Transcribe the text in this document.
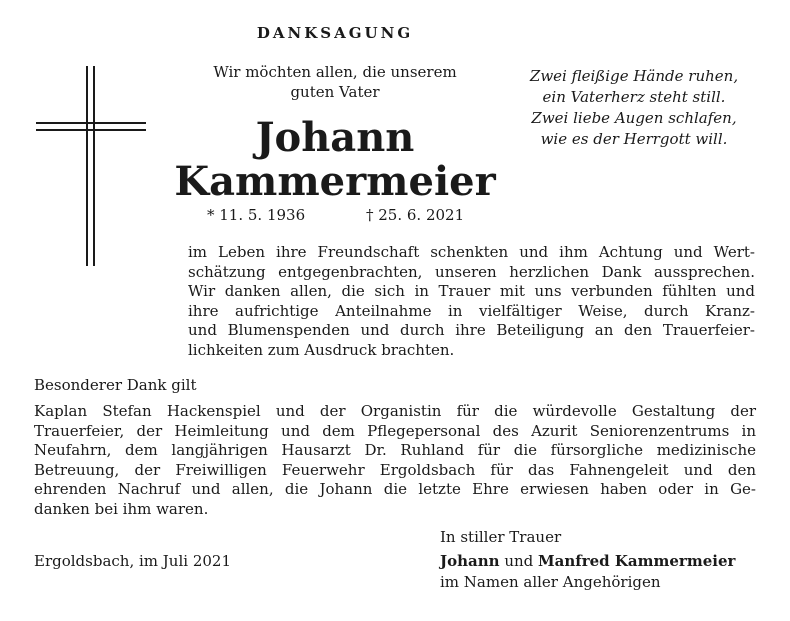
DANKSAGUNG
Wir möchten allen, die unserem
guten Vater
Zwei fleißige Hände ruhen,
ein Vaterherz steht still.
Zwei liebe Augen schlafen,
wie es der Herrgott will.
Johann
Kammermeier
* 11. 5. 1936	† 25. 6. 2021
im Leben ihre Freundschaft schenkten und ihm Achtung und Wert-
schätzung entgegenbrachten, unseren herzlichen Dank aussprechen.
Wir danken allen, die sich in Trauer mit uns verbunden fühlten und
ihre aufrichtige Anteilnahme in vielfältiger Weise, durch Kranz-
und Blumenspenden und durch ihre Beteiligung an den Trauerfeier-
lichkeiten zum Ausdruck brachten.
Besonderer Dank gilt
Kaplan Stefan Hackenspiel und der Organistin für die würdevolle Gestaltung der
Trauerfeier, der Heimleitung und dem Pflegepersonal des Azurit Seniorenzentrums in
Neufahrn, dem langjährigen Hausarzt Dr. Ruhland für die fürsorgliche medizinische
Betreuung, der Freiwilligen Feuerwehr Ergoldsbach für das Fahnengeleit und den
ehrenden Nachruf und allen, die Johann die letzte Ehre erwiesen haben oder in Ge-
danken bei ihm waren.
In stiller Trauer
Ergoldsbach, im Juli 2021	Johann und Manfred Kammermeier
im Namen aller Angehörigen
